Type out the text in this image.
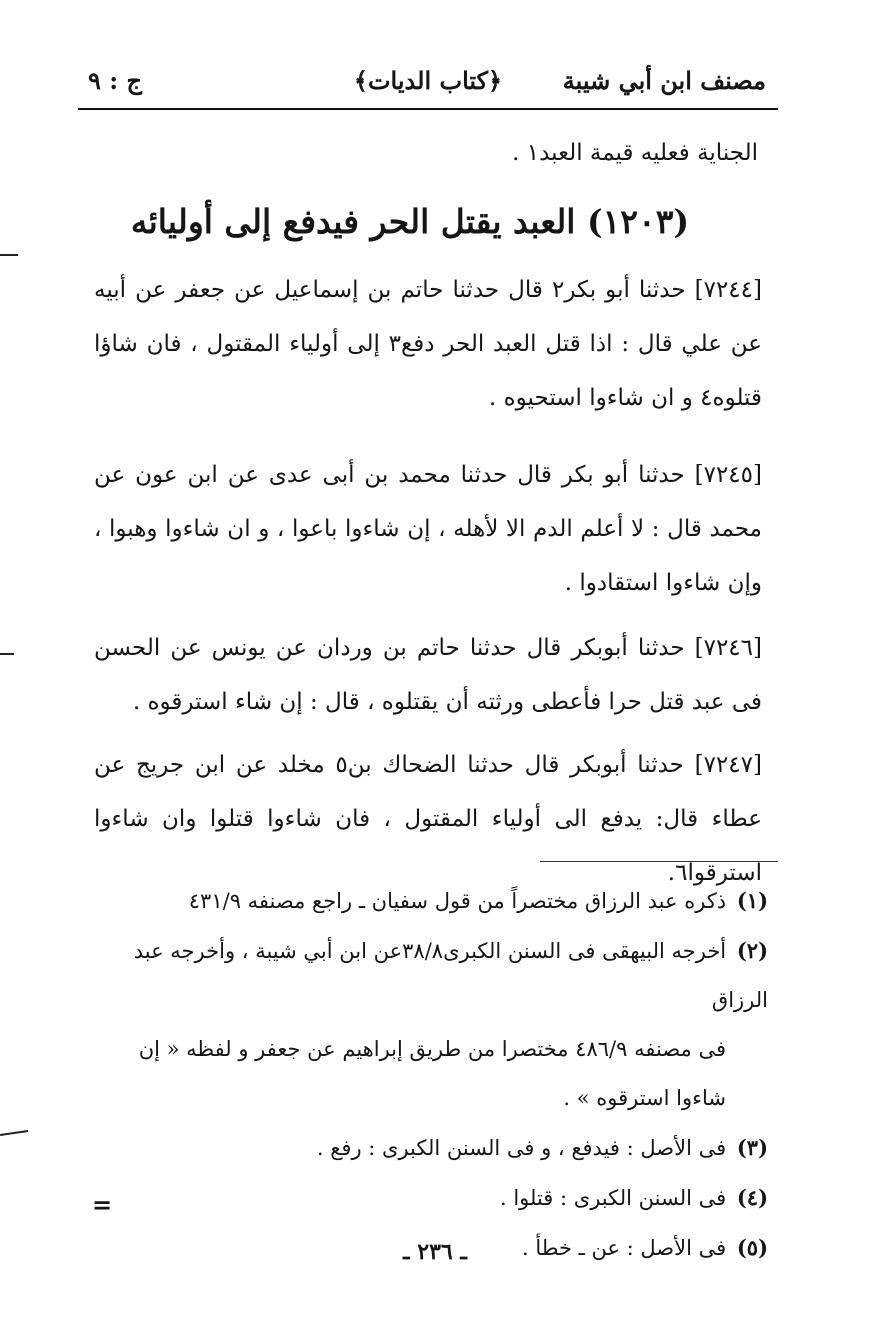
مصنف ابن أبي شيبة
﴿كتاب الديات﴾
ج : ٩
الجناية فعليه قيمة العبد١ .
(١٢٠٣) العبد يقتل الحر فيدفع إلى أوليائه
[٧٢٤٤] حدثنا أبو بكر٢ قال حدثنا حاتم بن إسماعيل عن جعفر عن أبيه عن علي قال : اذا قتل العبد الحر دفع٣ إلى أولياء المقتول ، فان شاؤا قتلوه٤ و ان شاءوا استحيوه .
[٧٢٤٥] حدثنا أبو بكر قال حدثنا محمد بن أبى عدى عن ابن عون عن محمد قال : لا أعلم الدم الا لأهله ، إن شاءوا باعوا ، و ان شاءوا وهبوا ، وإن شاءوا استقادوا .
[٧٢٤٦] حدثنا أبوبكر قال حدثنا حاتم بن وردان عن يونس عن الحسن فى عبد قتل حرا فأعطى ورثته أن يقتلوه ، قال : إن شاء استرقوه .
[٧٢٤٧] حدثنا أبوبكر قال حدثنا الضحاك بن٥ مخلد عن ابن جريج عن عطاء قال: يدفع الى أولياء المقتول ، فان شاءوا قتلوا وان شاءوا استرقوا٦.

(١) ذكره عبد الرزاق مختصراً من قول سفيان ـ راجع مصنفه ٤٣١/٩

(٢) أخرجه البيهقى فى السنن الكبرى٣٨/٨عن ابن أبي شيبة ، وأخرجه عبد الرزاق

فى مصنفه ٤٨٦/٩ مختصرا من طريق إبراهيم عن جعفر و لفظه « إن شاءوا استرقوه » .

(٣) فى الأصل : فيدفع ، و فى السنن الكبرى : رفع .

(٤) فى السنن الكبرى : قتلوا .

(٥) فى الأصل : عن ـ خطأ .

=
ـ ٢٣٦ ـ
